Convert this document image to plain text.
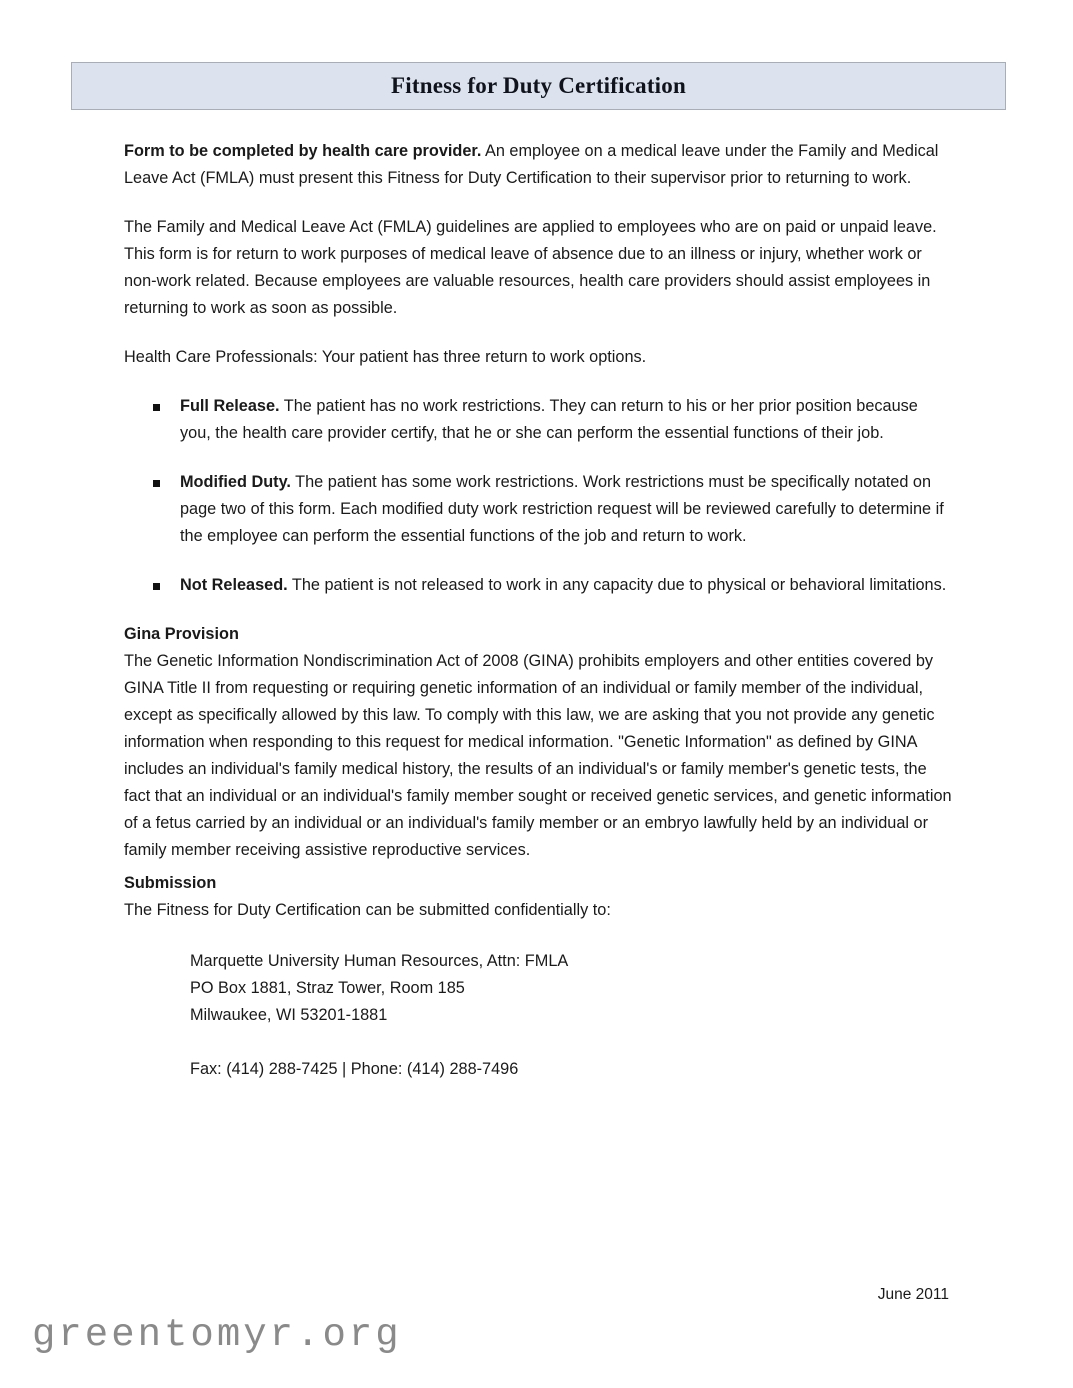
Fitness for Duty Certification

Form to be completed by health care provider. An employee on a medical leave under the Family and Medical Leave Act (FMLA) must present this Fitness for Duty Certification to their supervisor prior to returning to work.

The Family and Medical Leave Act (FMLA) guidelines are applied to employees who are on paid or unpaid leave. This form is for return to work purposes of medical leave of absence due to an illness or injury, whether work or non-work related. Because employees are valuable resources, health care providers should assist employees in returning to work as soon as possible.

Health Care Professionals: Your patient has three return to work options.

Full Release. The patient has no work restrictions. They can return to his or her prior position because you, the health care provider certify, that he or she can perform the essential functions of their job.
Modified Duty. The patient has some work restrictions. Work restrictions must be specifically notated on page two of this form. Each modified duty work restriction request will be reviewed carefully to determine if the employee can perform the essential functions of the job and return to work.
Not Released. The patient is not released to work in any capacity due to physical or behavioral limitations.
Gina Provision

The Genetic Information Nondiscrimination Act of 2008 (GINA) prohibits employers and other entities covered by GINA Title II from requesting or requiring genetic information of an individual or family member of the individual, except as specifically allowed by this law. To comply with this law, we are asking that you not provide any genetic information when responding to this request for medical information. "Genetic Information" as defined by GINA includes an individual's family medical history, the results of an individual's or family member's genetic tests, the fact that an individual or an individual's family member sought or received genetic services, and genetic information of a fetus carried by an individual or an individual's family member or an embryo lawfully held by an individual or family member receiving assistive reproductive services.

Submission

The Fitness for Duty Certification can be submitted confidentially to:

Marquette University Human Resources, Attn: FMLA
PO Box 1881, Straz Tower, Room 185
Milwaukee, WI 53201-1881
Fax: (414) 288-7425 | Phone: (414) 288-7496
June 2011
greentomyr.org
